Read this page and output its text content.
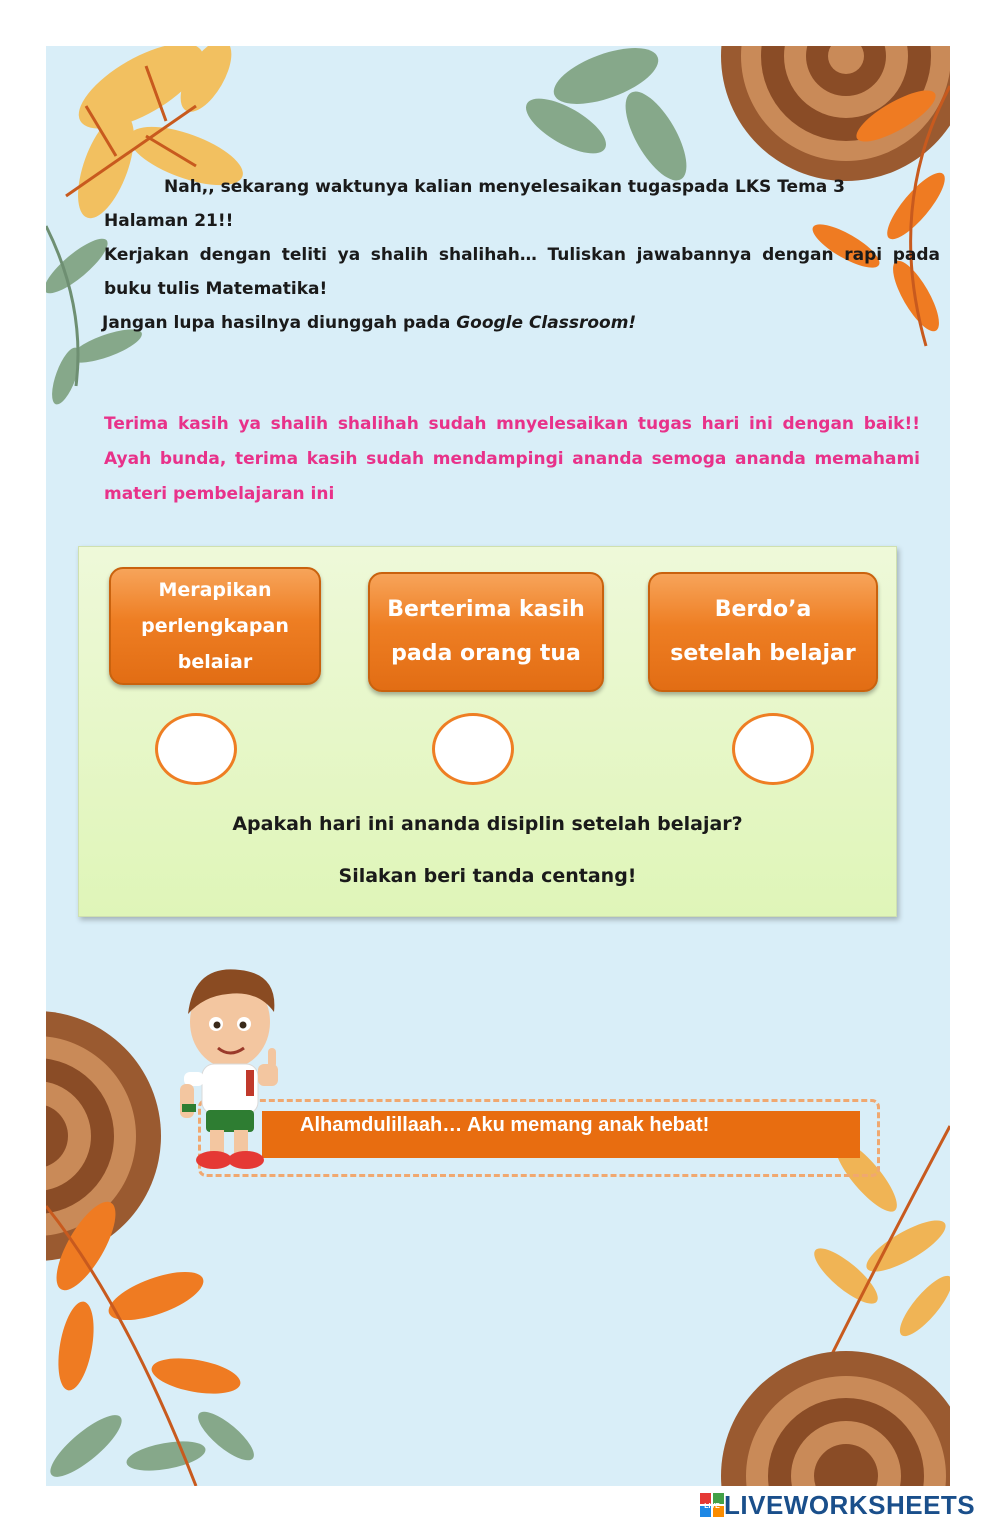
Nah,, sekarang waktunya kalian menyelesaikan tugaspada LKS Tema 3
Halaman 21!!
Kerjakan dengan teliti ya shalih shalihah… Tuliskan jawabannya dengan rapi pada
buku tulis Matematika!
Jangan lupa hasilnya diunggah pada Google Classroom!
Terima kasih ya shalih shalihah sudah mnyelesaikan tugas hari ini dengan baik!!
Ayah bunda, terima kasih sudah mendampingi ananda semoga ananda memahami
materi pembelajaran ini
Merapikan
perlengkapan
belaiar
Berterima kasih
pada orang tua
Berdo’a
setelah belajar
Apakah hari ini ananda disiplin setelah belajar?
Silakan beri tanda centang!
Alhamdulillaah… Aku memang anak hebat!
LIVE LIVEWORKSHEETS
